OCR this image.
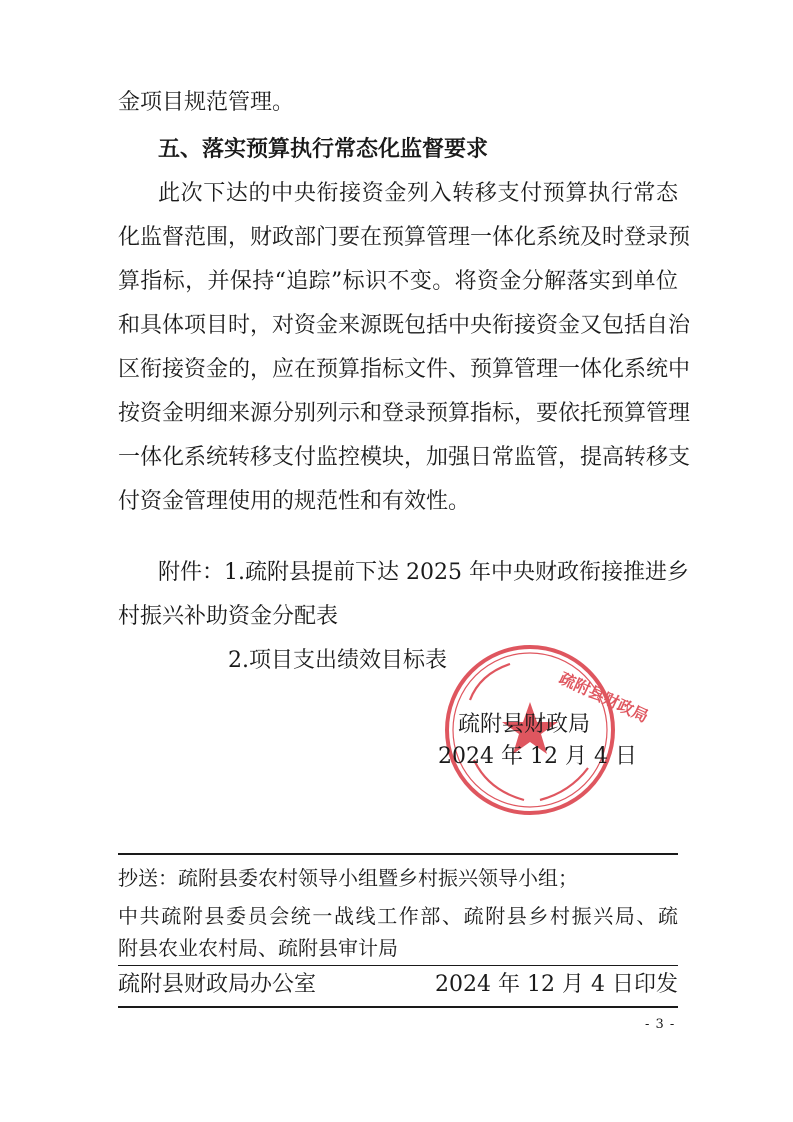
金项目规范管理。
五、落实预算执行常态化监督要求
此次下达的中央衔接资金列入转移支付预算执行常态
化监督范围，财政部门要在预算管理一体化系统及时登录预
算指标，并保持“追踪”标识不变。将资金分解落实到单位
和具体项目时，对资金来源既包括中央衔接资金又包括自治
区衔接资金的，应在预算指标文件、预算管理一体化系统中
按资金明细来源分别列示和登录预算指标，要依托预算管理
一体化系统转移支付监控模块，加强日常监管，提高转移支
付资金管理使用的规范性和有效性。
附件：1.疏附县提前下达 2025 年中央财政衔接推进乡
村振兴补助资金分配表
2.项目支出绩效目标表
疏附县财政局
疏附县财政局
2024 年 12 月 4 日
抄送：疏附县委农村领导小组暨乡村振兴领导小组；
中共疏附县委员会统一战线工作部、疏附县乡村振兴局、疏
附县农业农村局、疏附县审计局
疏附县财政局办公室	2024 年 12 月 4 日印发
- 3 -
